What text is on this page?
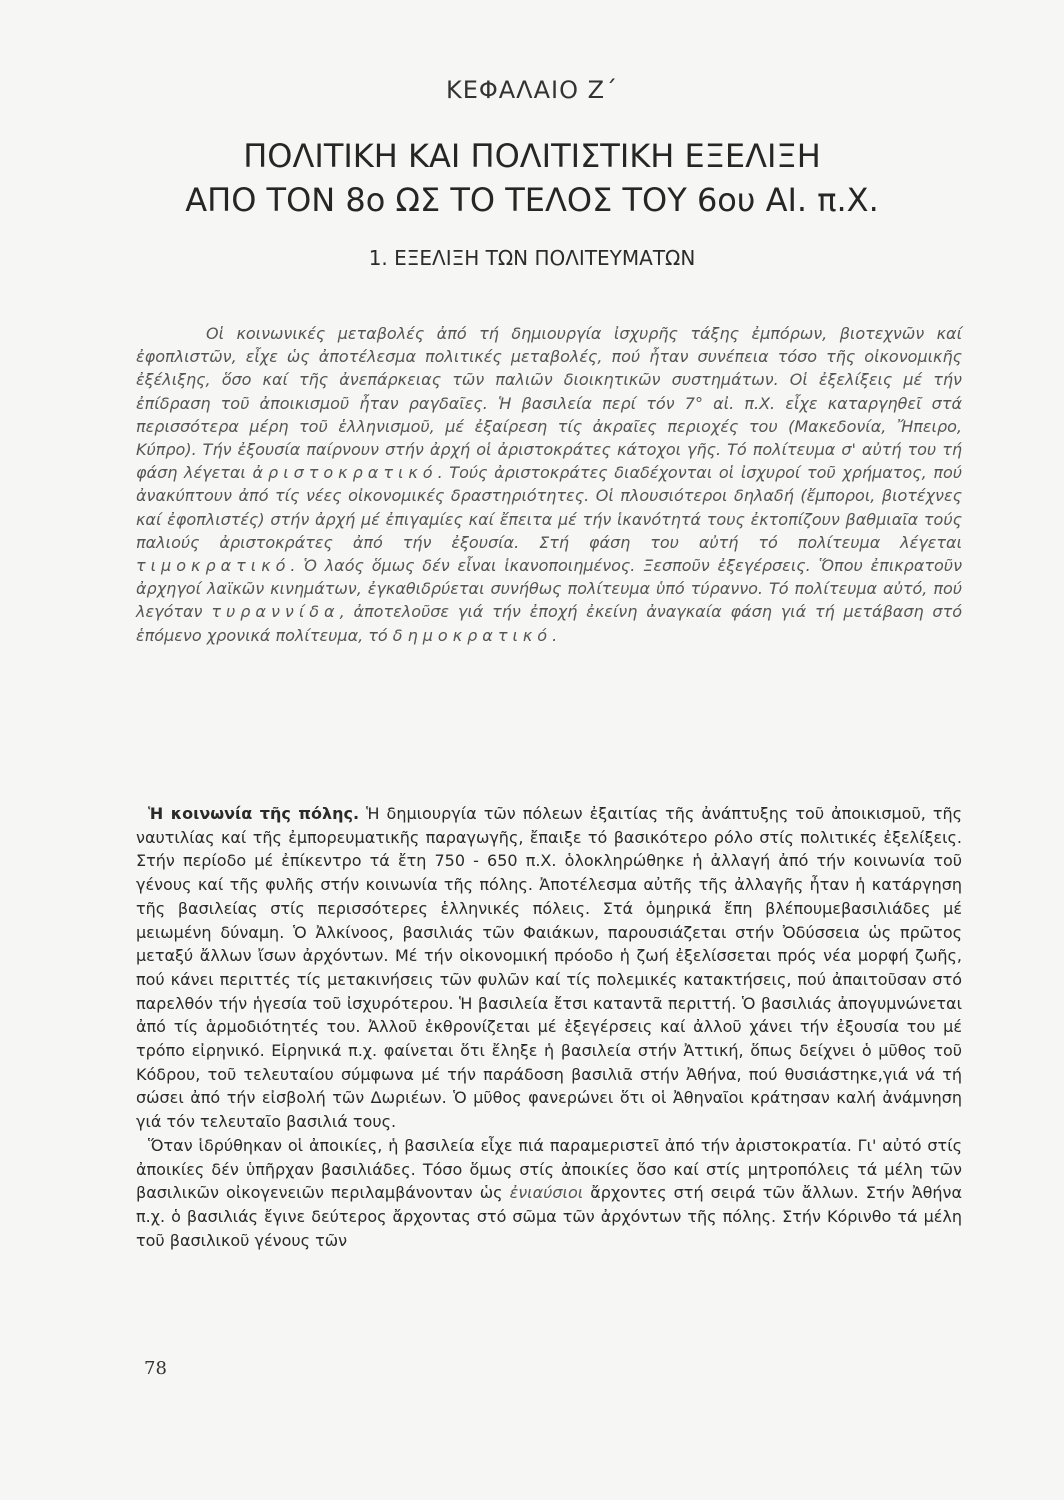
ΚΕΦΑΛΑΙΟ Ζ΄
ΠΟΛΙΤΙΚΗ ΚΑΙ ΠΟΛΙΤΙΣΤΙΚΗ ΕΞΕΛΙΞΗ
ΑΠΟ ΤΟΝ 8ο ΩΣ ΤΟ ΤΕΛΟΣ ΤΟΥ 6ου ΑΙ. π.Χ.
1. ΕΞΕΛΙΞΗ ΤΩΝ ΠΟΛΙΤΕΥΜΑΤΩΝ

Οἱ κοινωνικές μεταβολές ἀπό τή δημιουργία ἰσχυρῆς τάξης ἐμπόρων, βιοτεχνῶν καί ἐφοπλιστῶν, εἶχε ὡς ἀποτέλεσμα πολιτικές μεταβολές, πού ἦταν συνέπεια τόσο τῆς οἰκονομικῆς ἐξέλιξης, ὅσο καί τῆς ἀνεπάρκειας τῶν παλιῶν διοικητικῶν συστημάτων. Οἱ ἐξελίξεις μέ τήν ἐπίδραση τοῦ ἀποικισμοῦ ἦταν ραγδαῖες. Ἡ βασιλεία περί τόν 7° αἰ. π.Χ. εἶχε καταργηθεῖ στά περισσότερα μέρη τοῦ ἑλληνισμοῦ, μέ ἐξαίρεση τίς ἀκραῖες περιοχές του (Μακεδονία, Ἤπειρο, Κύπρο). Τήν ἐξουσία παίρνουν στήν ἀρχή οἱ ἀριστοκράτες κάτοχοι γῆς. Τό πολίτευμα σ' αὐτή του τή φάση λέγεται ἀριστοκρατικό. Τούς ἀριστοκράτες διαδέχονται οἱ ἰσχυροί τοῦ χρήματος, πού ἀνακύπτουν ἀπό τίς νέες οἰκονομικές δραστηριότητες. Οἱ πλουσιότεροι δηλαδή (ἔμποροι, βιοτέχνες καί ἐφοπλιστές) στήν ἀρχή μέ ἐπιγαμίες καί ἔπειτα μέ τήν ἱκανότητά τους ἐκτοπίζουν βαθμιαῖα τούς παλιούς ἀριστοκράτες ἀπό τήν ἐξουσία. Στή φάση του αὐτή τό πολίτευμα λέγεται τιμοκρατικό. Ὁ λαός ὅμως δέν εἶναι ἱκανοποιημένος. Ξεσποῦν ἐξεγέρσεις. Ὅπου ἐπικρατοῦν ἀρχηγοί λαϊκῶν κινημάτων, ἐγκαθιδρύεται συνήθως πολίτευμα ὑπό τύραννο. Τό πολίτευμα αὐτό, πού λεγόταν τυραννίδα, ἀποτελοῦσε γιά τήν ἐποχή ἐκείνη ἀναγκαία φάση γιά τή μετάβαση στό ἑπόμενο χρονικά πολίτευμα, τό δημοκρατικό.

Ἡ κοινωνία τῆς πόλης. Ἡ δημιουργία τῶν πόλεων ἐξαιτίας τῆς ἀνάπτυξης τοῦ ἀποικισμοῦ, τῆς ναυτιλίας καί τῆς ἐμπορευματικῆς παραγωγῆς, ἔπαιξε τό βασικότερο ρόλο στίς πολιτικές ἐξελίξεις. Στήν περίοδο μέ ἐπίκεντρο τά ἔτη 750 - 650 π.Χ. ὁλοκληρώθηκε ἡ ἀλλαγή ἀπό τήν κοινωνία τοῦ γένους καί τῆς φυλῆς στήν κοινωνία τῆς πόλης. Ἀποτέλεσμα αὐτῆς τῆς ἀλλαγῆς ἦταν ἡ κατάργηση τῆς βασιλείας στίς περισσότερες ἑλληνικές πόλεις. Στά ὁμηρικά ἔπη βλέπουμεβασιλιάδες μέ μειωμένη δύναμη. Ὁ Ἀλκίνοος, βασιλιάς τῶν Φαιάκων, παρουσιάζεται στήν Ὀδύσσεια ὡς πρῶτος μεταξύ ἄλλων ἴσων ἀρχόντων. Μέ τήν οἰκονομική πρόοδο ἡ ζωή ἐξελίσσεται πρός νέα μορφή ζωῆς, πού κάνει περιττές τίς μετακινήσεις τῶν φυλῶν καί τίς πολεμικές κατακτήσεις, πού ἀπαιτοῦσαν στό παρελθόν τήν ἡγεσία τοῦ ἰσχυρότερου. Ἡ βασιλεία ἔτσι καταντᾶ περιττή. Ὁ βασιλιάς ἀπογυμνώνεται ἀπό τίς ἁρμοδιότητές του. Ἀλλοῦ ἐκθρονίζεται μέ ἐξεγέρσεις καί ἀλλοῦ χάνει τήν ἐξουσία του μέ τρόπο εἰρηνικό. Εἰρηνικά π.χ. φαίνεται ὅτι ἔληξε ἡ βασιλεία στήν Ἀττική, ὅπως δείχνει ὁ μῦθος τοῦ Κόδρου, τοῦ τελευταίου σύμφωνα μέ τήν παράδοση βασιλιᾶ στήν Ἀθήνα, πού θυσιάστηκε,γιά νά τή σώσει ἀπό τήν εἰσβολή τῶν Δωριέων. Ὁ μῦθος φανερώνει ὅτι οἱ Ἀθηναῖοι κράτησαν καλή ἀνάμνηση γιά τόν τελευταῖο βασιλιά τους.

Ὅταν ἱδρύθηκαν οἱ ἀποικίες, ἡ βασιλεία εἶχε πιά παραμεριστεῖ ἀπό τήν ἀριστοκρατία. Γι' αὐτό στίς ἀποικίες δέν ὑπῆρχαν βασιλιάδες. Τόσο ὅμως στίς ἀποικίες ὅσο καί στίς μητροπόλεις τά μέλη τῶν βασιλικῶν οἰκογενειῶν περιλαμβάνονταν ὡς ἐνιαύσιοι ἄρχοντες στή σειρά τῶν ἄλλων. Στήν Ἀθήνα π.χ. ὁ βασιλιάς ἔγινε δεύτερος ἄρχοντας στό σῶμα τῶν ἀρχόντων τῆς πόλης. Στήν Κόρινθο τά μέλη τοῦ βασιλικοῦ γένους τῶν

78
